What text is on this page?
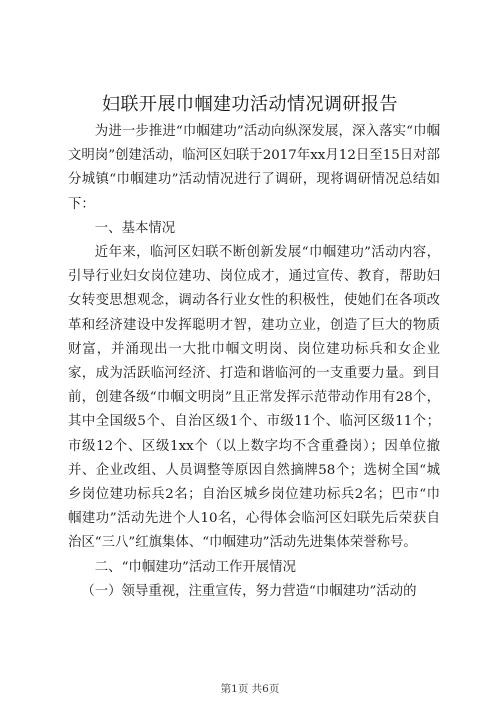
妇联开展巾帼建功活动情况调研报告

为进一步推进“巾帼建功”活动向纵深发展，深入落实“巾帼文明岗”创建活动，临河区妇联于2017年xx月12日至15日对部分城镇“巾帼建功”活动情况进行了调研，现将调研情况总结如下：

一、基本情况

近年来，临河区妇联不断创新发展“巾帼建功”活动内容，引导行业妇女岗位建功、岗位成才，通过宣传、教育，帮助妇女转变思想观念，调动各行业女性的积极性，使她们在各项改革和经济建设中发挥聪明才智，建功立业，创造了巨大的物质财富，并涌现出一大批巾帼文明岗、岗位建功标兵和女企业家，成为活跃临河经济、打造和谐临河的一支重要力量。到目前，创建各级“巾帼文明岗”且正常发挥示范带动作用有28个，其中全国级5个、自治区级1个、市级11个、临河区级11个；市级12个、区级1xx个（以上数字均不含重叠岗）；因单位撤并、企业改组、人员调整等原因自然摘牌58个；选树全国“城乡岗位建功标兵2名；自治区城乡岗位建功标兵2名；巴市“巾帼建功”活动先进个人10名，心得体会临河区妇联先后荣获自治区“三八”红旗集体、“巾帼建功”活动先进集体荣誉称号。

二、“巾帼建功”活动工作开展情况

（一）领导重视，注重宣传，努力营造“巾帼建功”活动的

第1页 共6页
